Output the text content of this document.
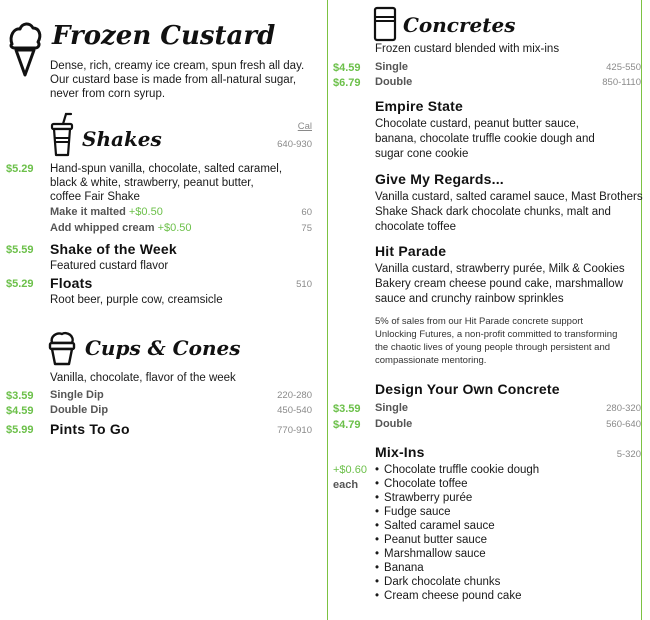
Frozen Custard
Dense, rich, creamy ice cream, spun fresh all day.
Our custard base is made from all-natural sugar,
never from corn syrup.
Shakes
Cal
640-930
$5.29 Hand-spun vanilla, chocolate, salted caramel,
black & white, strawberry, peanut butter,
coffee Fair Shake
Make it malted +$0.50	60
Add whipped cream +$0.50	75
$5.59 Shake of the Week
Featured custard flavor
$5.29 Floats	510
Root beer, purple cow, creamsicle
Cups & Cones
Vanilla, chocolate, flavor of the week
$3.59 Single Dip	220-280
$4.59 Double Dip	450-540
$5.99 Pints To Go	770-910
Concretes
Frozen custard blended with mix-ins
$4.59 Single	425-550
$6.79 Double	850-1110
Empire State
Chocolate custard, peanut butter sauce,
banana, chocolate truffle cookie dough and
sugar cone cookie
Give My Regards...
Vanilla custard, salted caramel sauce, Mast Brothers
Shake Shack dark chocolate chunks, malt and
chocolate toffee
Hit Parade
Vanilla custard, strawberry purée, Milk & Cookies
Bakery cream cheese pound cake, marshmallow
sauce and crunchy rainbow sprinkles
5% of sales from our Hit Parade concrete support
Unlocking Futures, a non-profit committed to transforming
the chaotic lives of young people through persistent and
compassionate mentoring.
Design Your Own Concrete
$3.59 Single	280-320
$4.79 Double	560-640
Mix-Ins	5-320
+$0.60
each
• Chocolate truffle cookie dough
• Chocolate toffee
• Strawberry purée
• Fudge sauce
• Salted caramel sauce
• Peanut butter sauce
• Marshmallow sauce
• Banana
• Dark chocolate chunks
• Cream cheese pound cake
